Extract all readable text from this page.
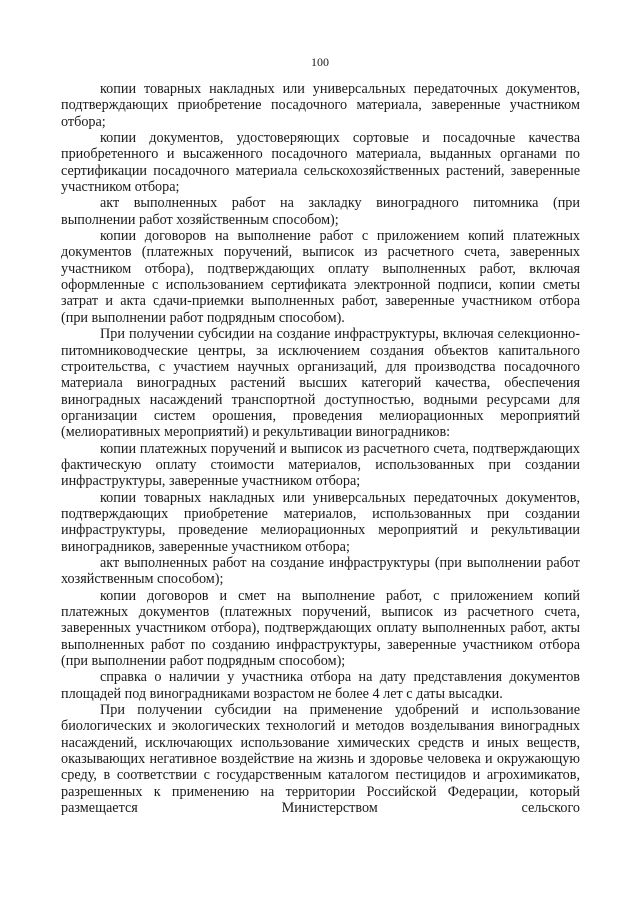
100

копии товарных накладных или универсальных передаточных документов, подтверждающих приобретение посадочного материала, заверенные участником отбора;

копии документов, удостоверяющих сортовые и посадочные качества приобретенного и высаженного посадочного материала, выданных органами по сертификации посадочного материала сельскохозяйственных растений, заверенные участником отбора;

акт выполненных работ на закладку виноградного питомника (при выполнении работ хозяйственным способом);

копии договоров на выполнение работ с приложением копий платежных документов (платежных поручений, выписок из расчетного счета, заверенных участником отбора), подтверждающих оплату выполненных работ, включая оформленные с использованием сертификата электронной подписи, копии сметы затрат и акта сдачи-приемки выполненных работ, заверенные участником отбора (при выполнении работ подрядным способом).

При получении субсидии на создание инфраструктуры, включая селекционно-питомниководческие центры, за исключением создания объектов капитального строительства, с участием научных организаций, для производства посадочного материала виноградных растений высших категорий качества, обеспечения виноградных насаждений транспортной доступностью, водными ресурсами для организации систем орошения, проведения мелиорационных мероприятий (мелиоративных мероприятий) и рекультивации виноградников:

копии платежных поручений и выписок из расчетного счета, подтверждающих фактическую оплату стоимости материалов, использованных при создании инфраструктуры, заверенные участником отбора;

копии товарных накладных или универсальных передаточных документов, подтверждающих приобретение материалов, использованных при создании инфраструктуры, проведение мелиорационных мероприятий и рекультивации виноградников, заверенные участником отбора;

акт выполненных работ на создание инфраструктуры (при выполнении работ хозяйственным способом);

копии договоров и смет на выполнение работ, с приложением копий платежных документов (платежных поручений, выписок из расчетного счета, заверенных участником отбора), подтверждающих оплату выполненных работ, акты выполненных работ по созданию инфраструктуры, заверенные участником отбора (при выполнении работ подрядным способом);

справка о наличии у участника отбора на дату представления документов площадей под виноградниками возрастом не более 4 лет с даты высадки.

При получении субсидии на применение удобрений и использование биологических и экологических технологий и методов возделывания виноградных насаждений, исключающих использование химических средств и иных веществ, оказывающих негативное воздействие на жизнь и здоровье человека и окружающую среду, в соответствии с государственным каталогом пестицидов и агрохимикатов, разрешенных к применению на территории Российской Федерации, который размещается Министерством сельского
